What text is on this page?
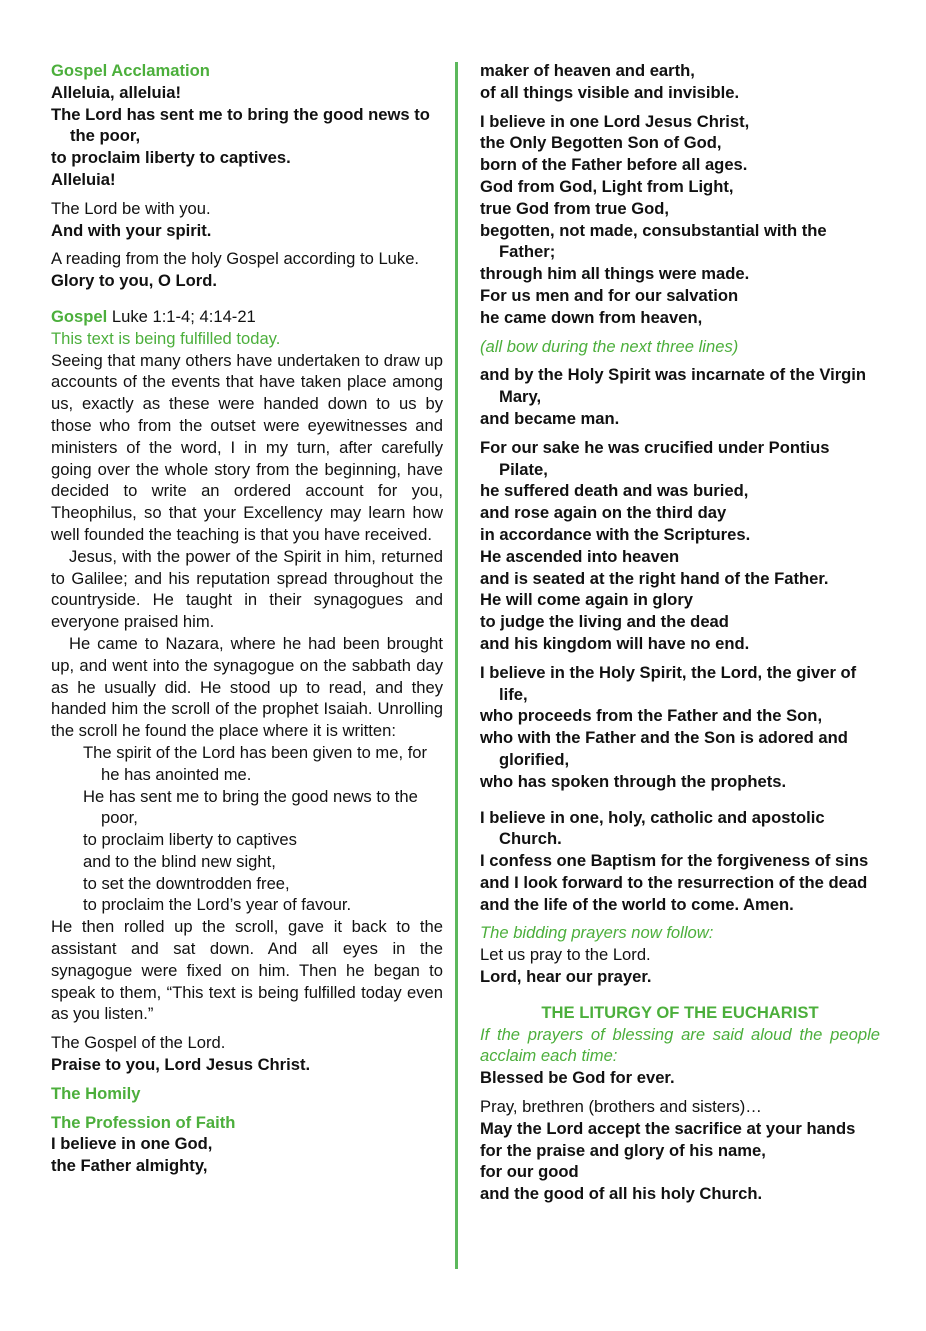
Gospel Acclamation

Alleluia, alleluia!

The Lord has sent me to bring the good news to the poor,

to proclaim liberty to captives.

Alleluia!

The Lord be with you.

And with your spirit.

A reading from the holy Gospel according to Luke.

Glory to you, O Lord.

Gospel Luke 1:1-4; 4:14-21

This text is being fulfilled today.

Seeing that many others have undertaken to draw up accounts of the events that have taken place among us, exactly as these were handed down to us by those who from the outset were eyewitnesses and ministers of the word, I in my turn, after carefully going over the whole story from the beginning, have decided to write an ordered account for you, Theophilus, so that your Excellency may learn how well founded the teaching is that you have received.

Jesus, with the power of the Spirit in him, returned to Galilee; and his reputation spread throughout the countryside. He taught in their synagogues and everyone praised him.

He came to Nazara, where he had been brought up, and went into the synagogue on the sabbath day as he usually did. He stood up to read, and they handed him the scroll of the prophet Isaiah. Unrolling the scroll he found the place where it is written:

The spirit of the Lord has been given to me, for he has anointed me.

He has sent me to bring the good news to the poor,

to proclaim liberty to captives

and to the blind new sight,

to set the downtrodden free,

to proclaim the Lord’s year of favour.

He then rolled up the scroll, gave it back to the assistant and sat down. And all eyes in the synagogue were fixed on him. Then he began to speak to them, “This text is being fulfilled today even as you listen.”

The Gospel of the Lord.

Praise to you, Lord Jesus Christ.

The Homily

The Profession of Faith

I believe in one God,

the Father almighty,

maker of heaven and earth,

of all things visible and invisible.

I believe in one Lord Jesus Christ,

the Only Begotten Son of God,

born of the Father before all ages.

God from God, Light from Light,

true God from true God,

begotten, not made, consubstantial with the Father;

through him all things were made.

For us men and for our salvation

he came down from heaven,

(all bow during the next three lines)

and by the Holy Spirit was incarnate of the Virgin Mary,

and became man.

For our sake he was crucified under Pontius Pilate,

he suffered death and was buried,

and rose again on the third day

in accordance with the Scriptures.

He ascended into heaven

and is seated at the right hand of the Father.

He will come again in glory

to judge the living and the dead

and his kingdom will have no end.

I believe in the Holy Spirit, the Lord, the giver of life,

who proceeds from the Father and the Son,

who with the Father and the Son is adored and glorified,

who has spoken through the prophets.

I believe in one, holy, catholic and apostolic Church.

I confess one Baptism for the forgiveness of sins

and I look forward to the resurrection of the dead

and the life of the world to come. Amen.

The bidding prayers now follow:

Let us pray to the Lord.

Lord, hear our prayer.

THE LITURGY OF THE EUCHARIST

If the prayers of blessing are said aloud the people acclaim each time:

Blessed be God for ever.

Pray, brethren (brothers and sisters)…

May the Lord accept the sacrifice at your hands

for the praise and glory of his name,

for our good

and the good of all his holy Church.
